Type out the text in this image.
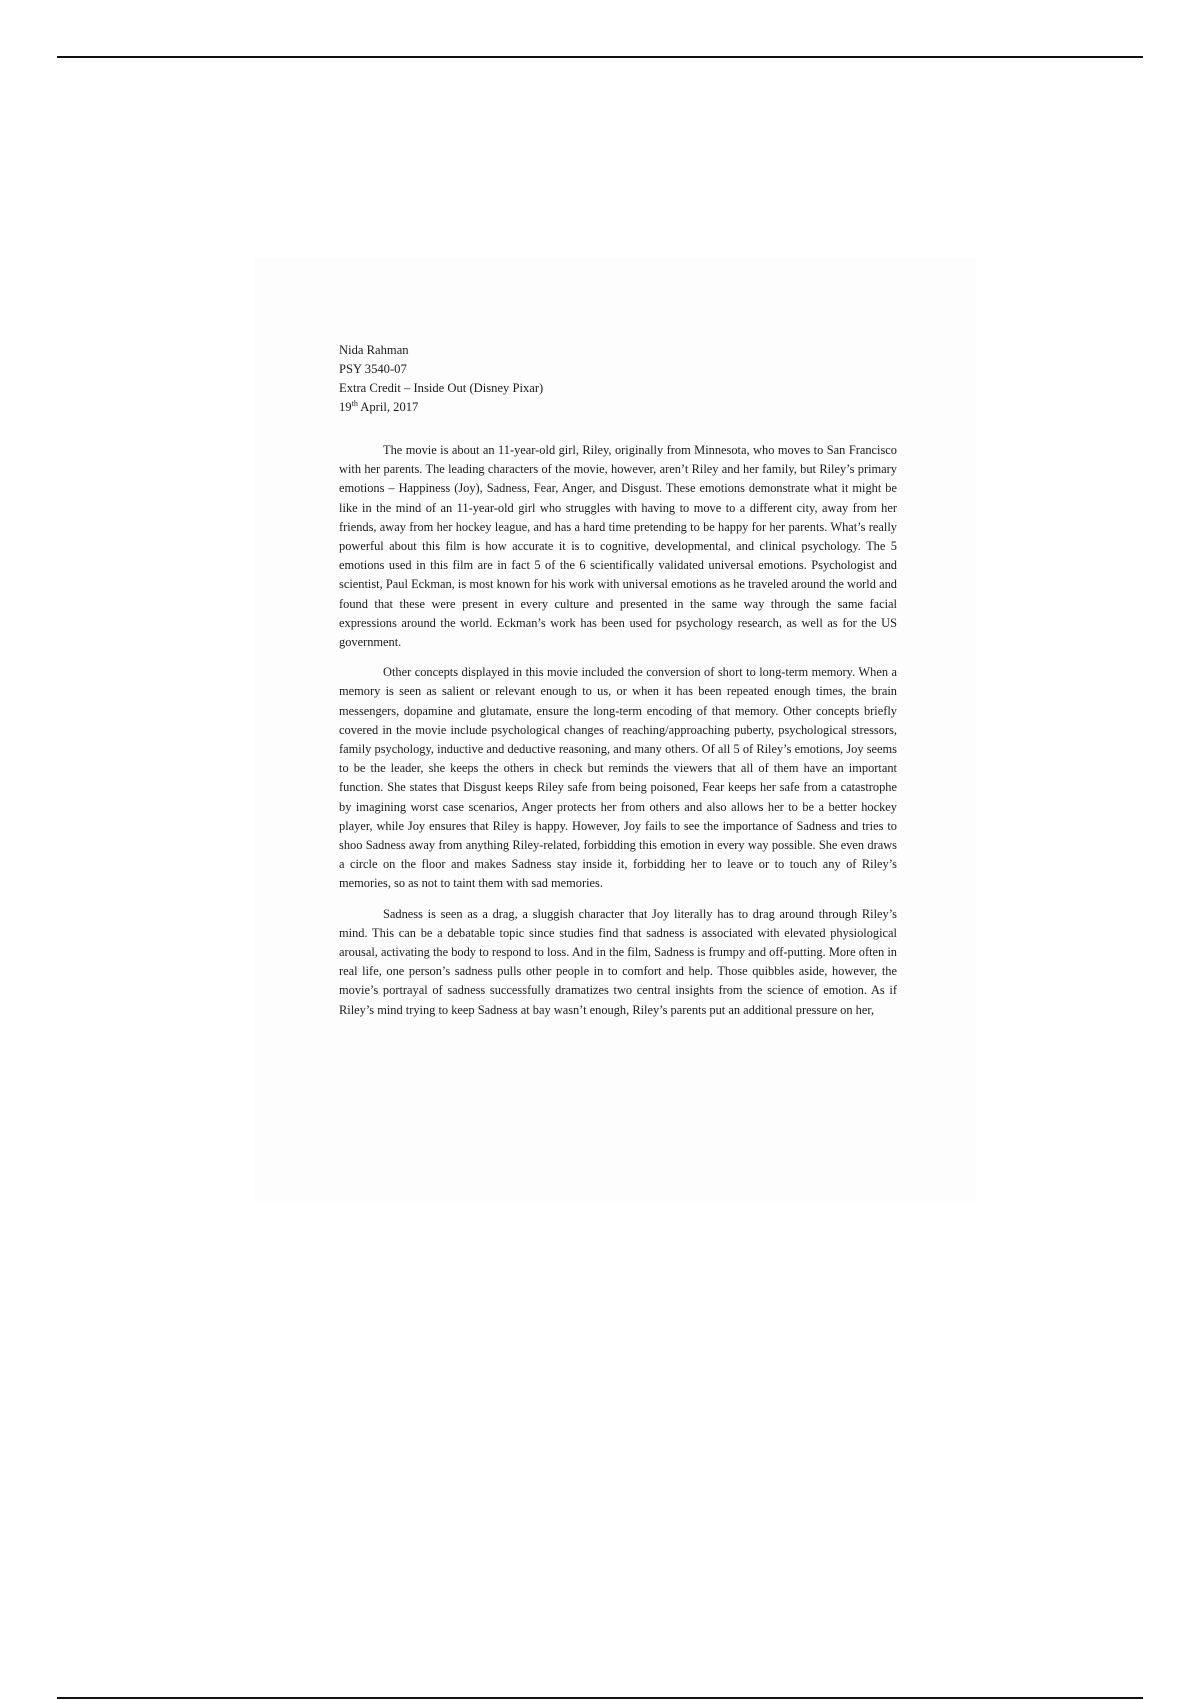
Nida Rahman

PSY 3540-07

Extra Credit – Inside Out (Disney Pixar)

19th April, 2017

The movie is about an 11-year-old girl, Riley, originally from Minnesota, who moves to San Francisco with her parents. The leading characters of the movie, however, aren’t Riley and her family, but Riley’s primary emotions – Happiness (Joy), Sadness, Fear, Anger, and Disgust. These emotions demonstrate what it might be like in the mind of an 11-year-old girl who struggles with having to move to a different city, away from her friends, away from her hockey league, and has a hard time pretending to be happy for her parents. What’s really powerful about this film is how accurate it is to cognitive, developmental, and clinical psychology. The 5 emotions used in this film are in fact 5 of the 6 scientifically validated universal emotions. Psychologist and scientist, Paul Eckman, is most known for his work with universal emotions as he traveled around the world and found that these were present in every culture and presented in the same way through the same facial expressions around the world. Eckman’s work has been used for psychology research, as well as for the US government.

Other concepts displayed in this movie included the conversion of short to long-term memory. When a memory is seen as salient or relevant enough to us, or when it has been repeated enough times, the brain messengers, dopamine and glutamate, ensure the long-term encoding of that memory. Other concepts briefly covered in the movie include psychological changes of reaching/approaching puberty, psychological stressors, family psychology, inductive and deductive reasoning, and many others. Of all 5 of Riley’s emotions, Joy seems to be the leader, she keeps the others in check but reminds the viewers that all of them have an important function. She states that Disgust keeps Riley safe from being poisoned, Fear keeps her safe from a catastrophe by imagining worst case scenarios, Anger protects her from others and also allows her to be a better hockey player, while Joy ensures that Riley is happy. However, Joy fails to see the importance of Sadness and tries to shoo Sadness away from anything Riley-related, forbidding this emotion in every way possible. She even draws a circle on the floor and makes Sadness stay inside it, forbidding her to leave or to touch any of Riley’s memories, so as not to taint them with sad memories.

Sadness is seen as a drag, a sluggish character that Joy literally has to drag around through Riley’s mind. This can be a debatable topic since studies find that sadness is associated with elevated physiological arousal, activating the body to respond to loss. And in the film, Sadness is frumpy and off-putting. More often in real life, one person’s sadness pulls other people in to comfort and help. Those quibbles aside, however, the movie’s portrayal of sadness successfully dramatizes two central insights from the science of emotion. As if Riley’s mind trying to keep Sadness at bay wasn’t enough, Riley’s parents put an additional pressure on her,
